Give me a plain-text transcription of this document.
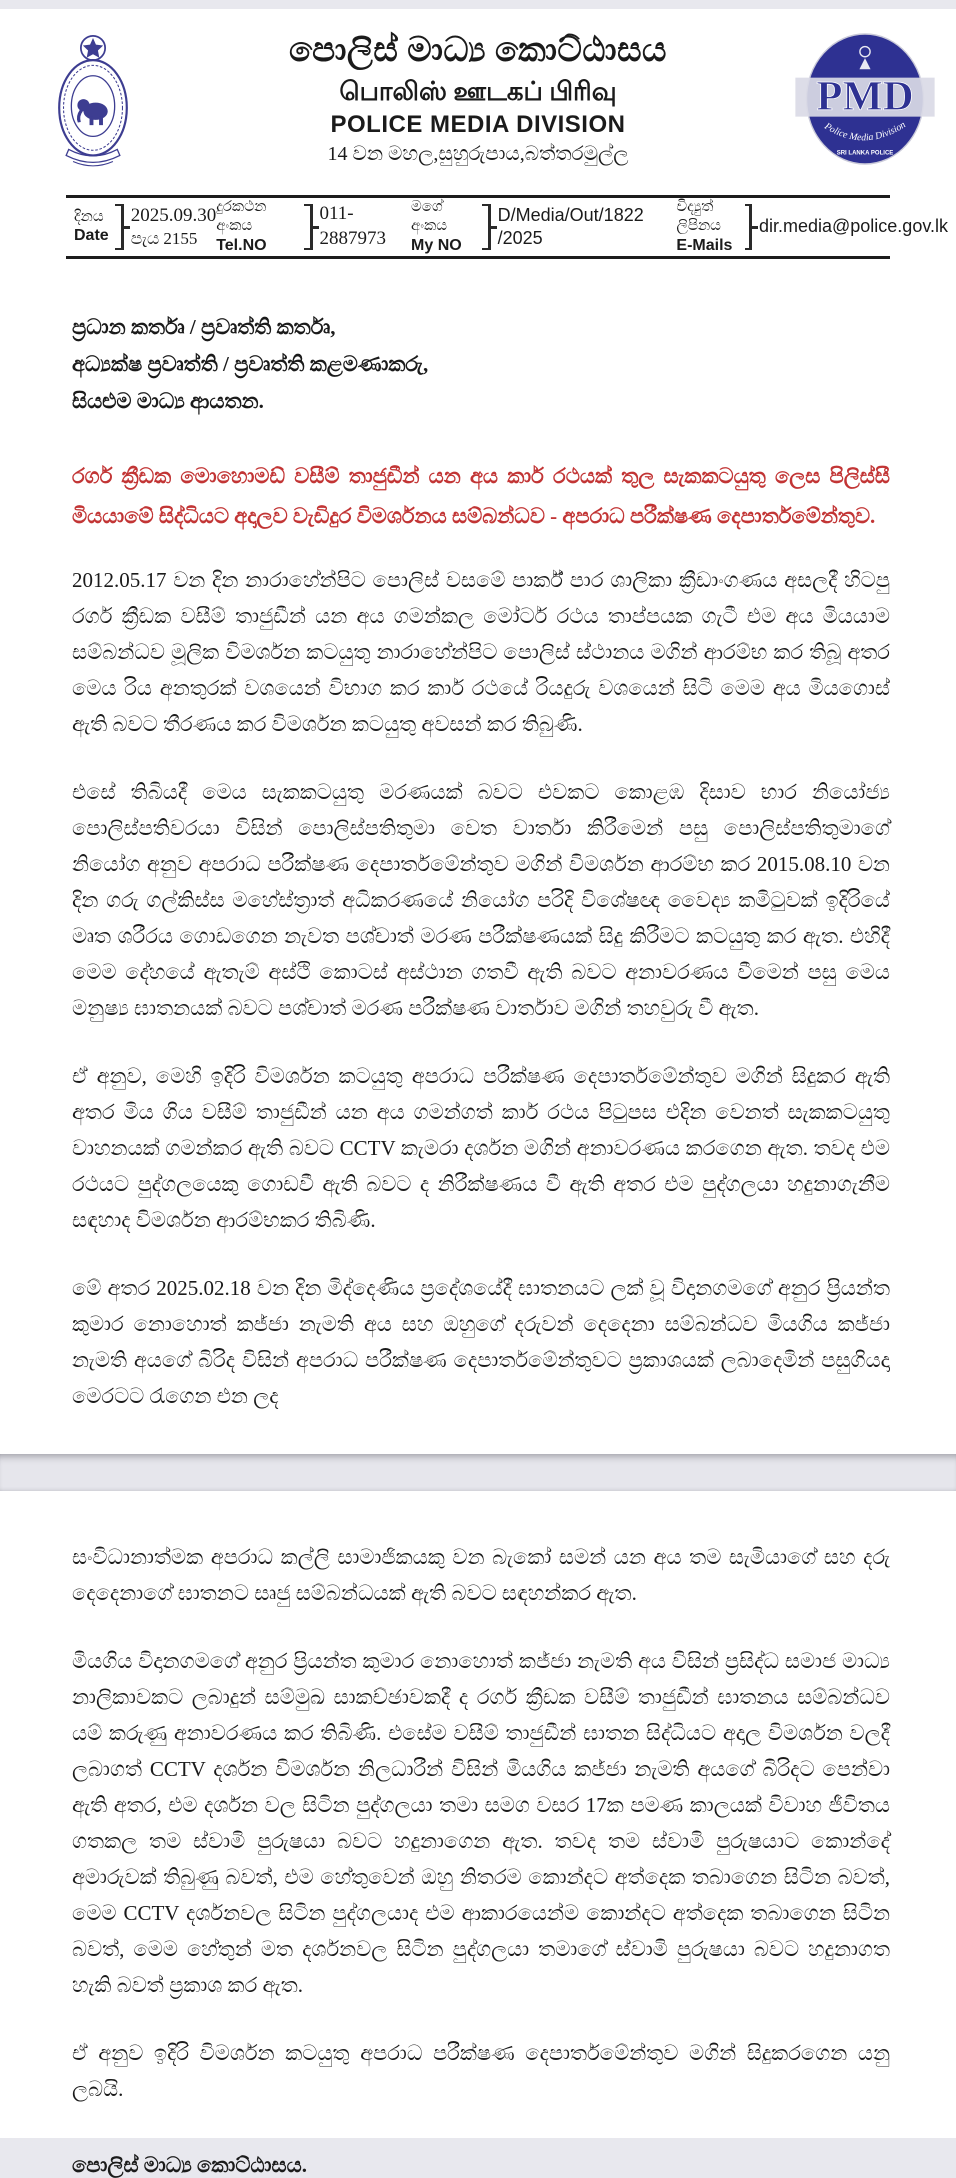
පොලිස් මාධ්‍ය කොට්ඨාසය
பொலிஸ் ஊடகப் பிரிவு
POLICE MEDIA DIVISION
14 වන මහල,සුහුරුපාය,බත්තරමුල්ල
PMD
Police Media Division
SRI LANKA POLICE
දිනය
Date
2025.09.30
පැය 2155
දුරකථන අංකය
Tel.NO
011-2887973
මගේ අංකය
My NO
D/Media/Out/1822 /2025
විද්‍යුත් ලිපිනය
E-Mails
dir.media@police.gov.lk
ප්‍රධාන කර්තෘ / ප්‍රවෘත්ති කර්තෘ,
අධ්‍යක්ෂ ප්‍රවෘත්ති / ප්‍රවෘත්ති කළමණාකරු,
සියළුම මාධ්‍ය ආයතන.
රගර් ක්‍රීඩක මොහොමඩ් වසීම් තාජුඩීන් යන අය කාර් රථයක් තුල සැකකටයුතු ලෙස පිලිස්සී මියයාමේ සිද්ධියට අදාලව වැඩිදුර විමර්ශනය සම්බන්ධව - අපරාධ පරීක්ෂණ දෙපාර්තමේන්තුව.

2012.05.17 වන දින නාරාහේන්පිට පොලිස් වසමේ පාර්ක් පාර ශාලිකා ක්‍රීඩාංගණය අසලදී හිටපු රගර් ක්‍රීඩක වසීම් තාජුඩීන් යන අය ගමන්කල මෝටර් රථය තාප්පයක ගැටී එම අය මියයාම සම්බන්ධව මූලික විමර්ශන කටයුතු නාරාහේන්පිට පොලිස් ස්ථානය මගින් ආරම්භ කර තිබූ අතර මෙය රිය අනතුරක් වශයෙන් විභාග කර කාර් රථයේ රියදුරු වශයෙන් සිටි මෙම අය මියගොස් ඇති බවට තීරණය කර විමර්ශන කටයුතු අවසන් කර තිබුණි.

එසේ තිබියදී මෙය සැකකටයුතු මරණයක් බවට එවකට කොළඹ දිසාව භාර නියෝජ්‍ය පොලිස්පතිවරයා විසින් පොලිස්පතිතුමා වෙත වාර්තා කිරීමෙන් පසු පොලිස්පතිතුමාගේ නියෝග අනුව අපරාධ පරීක්ෂණ දෙපාර්තමේන්තුව මගින් විමර්ශන ආරම්භ කර 2015.08.10 වන දින ගරු ගල්කිස්ස මහේස්ත්‍රාත් අධිකරණයේ නියෝග පරිදි විශේෂඥ වෛද්‍ය කමිටුවක් ඉදිරියේ මෘත ශරීරය ගොඩගෙන නැවත පශ්චාත් මරණ පරීක්ෂණයක් සිදු කිරීමට කටයුතු කර ඇත. එහිදී මෙම දේහයේ ඇතැම් අස්ථි කොටස් අස්ථාන ගතවී ඇති බවට අනාවරණය වීමෙන් පසු මෙය මනුෂ්‍ය ඝාතනයක් බවට පශ්චාත් මරණ පරීක්ෂණ වාර්තාව මගින් තහවුරු වී ඇත.

ඒ අනුව, මෙහි ඉදිරි විමර්ශන කටයුතු අපරාධ පරීක්ෂණ දෙපාර්තමේන්තුව මගින් සිදුකර ඇති අතර මිය ගිය වසීම් තාජුඩීන් යන අය ගමන්ගත් කාර් රථය පිටුපස එදින වෙනත් සැකකටයුතු වාහනයක් ගමන්කර ඇති බවට CCTV කැමරා දර්ශන මගින් අනාවරණය කරගෙන ඇත. තවද එම රථයට පුද්ගලයෙකු ගොඩවී ඇති බවට ද නිරීක්ෂණය වී ඇති අතර එම පුද්ගලයා හදුනාගැනීම සඳහාද විමර්ශන ආරම්භකර තිබිණි.

මේ අතර 2025.02.18 වන දින මිද්දෙණිය ප්‍රදේශයේදී ඝාතනයට ලක් වූ විදානගමගේ අනුර ප්‍රියන්ත කුමාර නොහොත් කජ්ජා නැමති අය සහ ඔහුගේ දරුවන් දෙදෙනා සම්බන්ධව මියගිය කජ්ජා නැමති අයගේ බිරිද විසින් අපරාධ පරීක්ෂණ දෙපාර්තමේන්තුවට ප්‍රකාශයක් ලබාදෙමින් පසුගියදා මෙරටට රැගෙන එන ලද

සංවිධානාත්මක අපරාධ කල්ලි සාමාජිකයකු වන බැකෝ සමන් යන අය තම සැමියාගේ සහ දරු දෙදෙනාගේ ඝාතනට සෘජු සම්බන්ධයක් ඇති බවට සඳහන්කර ඇත.

මියගිය විදානගමගේ අනුර ප්‍රියන්ත කුමාර නොහොත් කජ්ජා නැමති අය විසින් ප්‍රසිද්ධ සමාජ මාධ්‍ය නාලිකාවකට ලබාදුන් සම්මුඛ සාකච්ඡාවකදී ද රගර් ක්‍රීඩක වසීම් තාජුඩීන් ඝාතනය සම්බන්ධව යම් කරුණු අනාවරණය කර තිබිණි. එසේම වසීම් තාජුඩීන් ඝාතන සිද්ධියට අදාල විමර්ශන වලදී ලබාගත් CCTV දර්ශන විමර්ශන නිලධාරීන් විසින් මියගිය කජ්ජා නැමති අයගේ බිරිදට පෙන්වා ඇති අතර, එම දර්ශන වල සිටින පුද්ගලයා තමා සමග වසර 17ක පමණ කාලයක් විවාහ ජීවිතය ගතකල තම ස්වාමි පුරුෂයා බවට හදුනාගෙන ඇත. තවද තම ස්වාමි පුරුෂයාට කොන්දේ අමාරුවක් තිබුණු බවත්, එම හේතුවෙන් ඔහු නිතරම කොන්දට අත්දෙක තබාගෙන සිටින බවත්, මෙම CCTV දර්ශනවල සිටින පුද්ගලයාද එම ආකාරයෙන්ම කොන්දට අත්දෙක තබාගෙන සිටින බවත්, මෙම හේතුන් මත දර්ශනවල සිටින පුද්ගලයා තමාගේ ස්වාමි පුරුෂයා බවට හදුනාගත හැකි බවත් ප්‍රකාශ කර ඇත.

ඒ අනුව ඉදිරි විමර්ශන කටයුතු අපරාධ පරීක්ෂණ දෙපාර්තමේන්තුව මගින් සිදුකරගෙන යනු ලබයි.

පොලිස් මාධ්‍ය කොට්ඨාසය.
